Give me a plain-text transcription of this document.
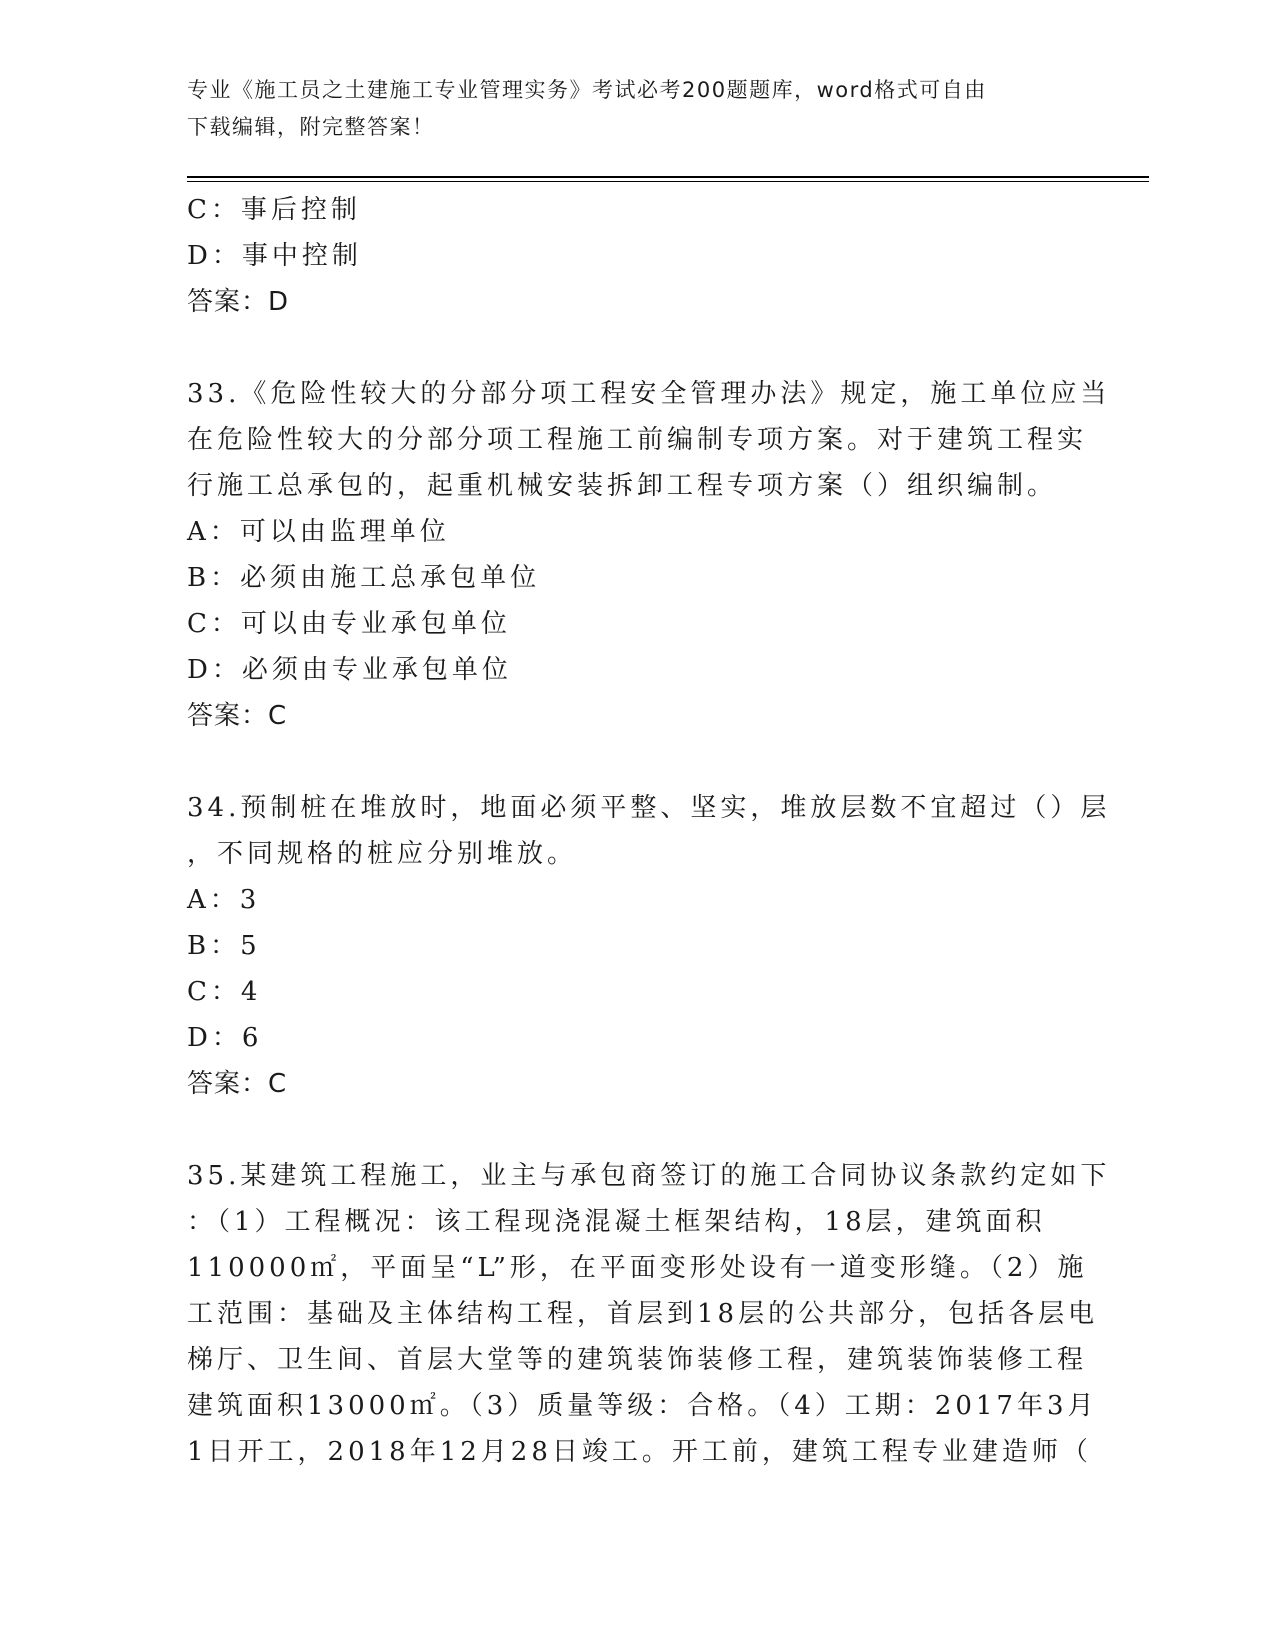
专业《施工员之土建施工专业管理实务》考试必考200题题库，word格式可自由
下载编辑，附完整答案！
C：事后控制
D：事中控制
答案：D
33.《危险性较大的分部分项工程安全管理办法》规定，施工单位应当
在危险性较大的分部分项工程施工前编制专项方案。对于建筑工程实
行施工总承包的，起重机械安装拆卸工程专项方案（）组织编制。
A：可以由监理单位
B：必须由施工总承包单位
C：可以由专业承包单位
D：必须由专业承包单位
答案：C
34.预制桩在堆放时，地面必须平整、坚实，堆放层数不宜超过（）层
，不同规格的桩应分别堆放。
A：3
B：5
C：4
D：6
答案：C
35.某建筑工程施工，业主与承包商签订的施工合同协议条款约定如下
：（1）工程概况：该工程现浇混凝土框架结构，18层，建筑面积
110000㎡，平面呈“L”形，在平面变形处设有一道变形缝。（2）施
工范围：基础及主体结构工程，首层到18层的公共部分，包括各层电
梯厅、卫生间、首层大堂等的建筑装饰装修工程，建筑装饰装修工程
建筑面积13000㎡。（3）质量等级：合格。（4）工期：2017年3月
1日开工，2018年12月28日竣工。开工前，建筑工程专业建造师（
